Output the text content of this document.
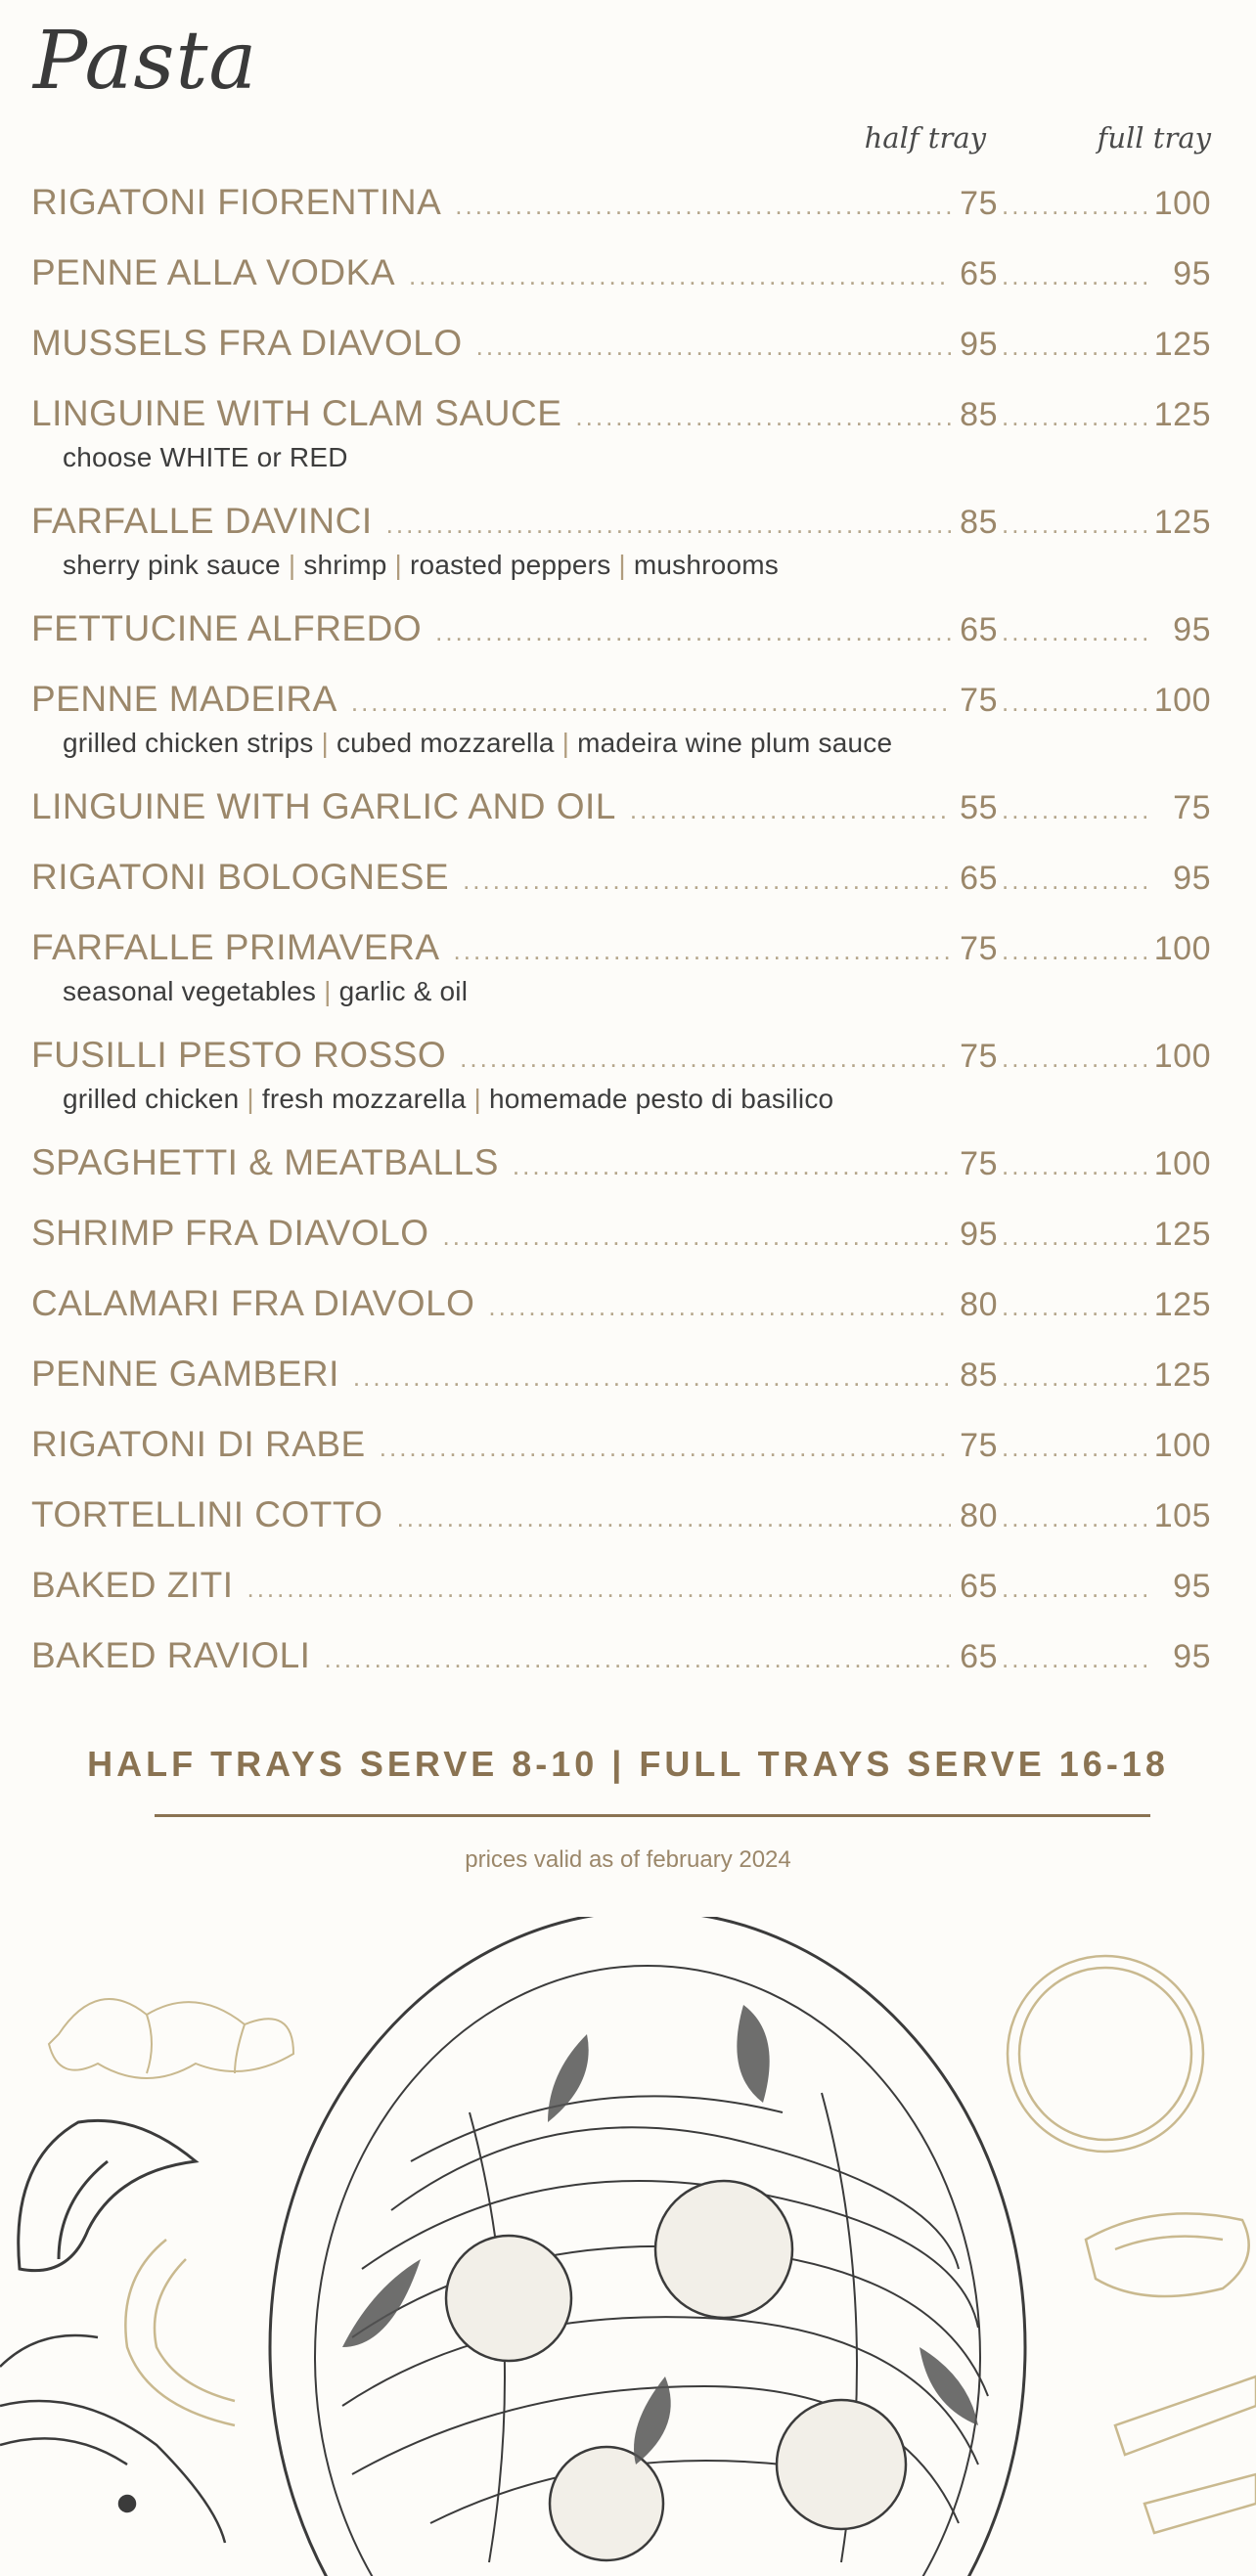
Pasta
half tray	full tray
RIGATONI FIORENTINA .....	75 .....	100
PENNE ALLA VODKA .....	65 .....	95
MUSSELS FRA DIAVOLO .....	95 .....	125
LINGUINE WITH CLAM SAUCE .....	85 .....	125
choose WHITE or RED
FARFALLE DAVINCI .....	85 .....	125
sherry pink sauce | shrimp | roasted peppers | mushrooms
FETTUCINE ALFREDO .....	65 .....	95
PENNE MADEIRA .....	75 .....	100
grilled chicken strips | cubed mozzarella | madeira wine plum sauce
LINGUINE WITH GARLIC AND OIL .....	55 .....	75
RIGATONI BOLOGNESE .....	65 .....	95
FARFALLE PRIMAVERA .....	75 .....	100
seasonal vegetables | garlic & oil
FUSILLI PESTO ROSSO .....	75 .....	100
grilled chicken | fresh mozzarella | homemade pesto di basilico
SPAGHETTI & MEATBALLS .....	75 .....	100
SHRIMP FRA DIAVOLO .....	95 .....	125
CALAMARI FRA DIAVOLO .....	80 .....	125
PENNE GAMBERI .....	85 .....	125
RIGATONI DI RABE .....	75 .....	100
TORTELLINI COTTO .....	80 .....	105
BAKED ZITI .....	65 .....	95
BAKED RAVIOLI .....	65 .....	95
HALF TRAYS SERVE 8-10 | FULL TRAYS SERVE 16-18
prices valid as of february 2024
